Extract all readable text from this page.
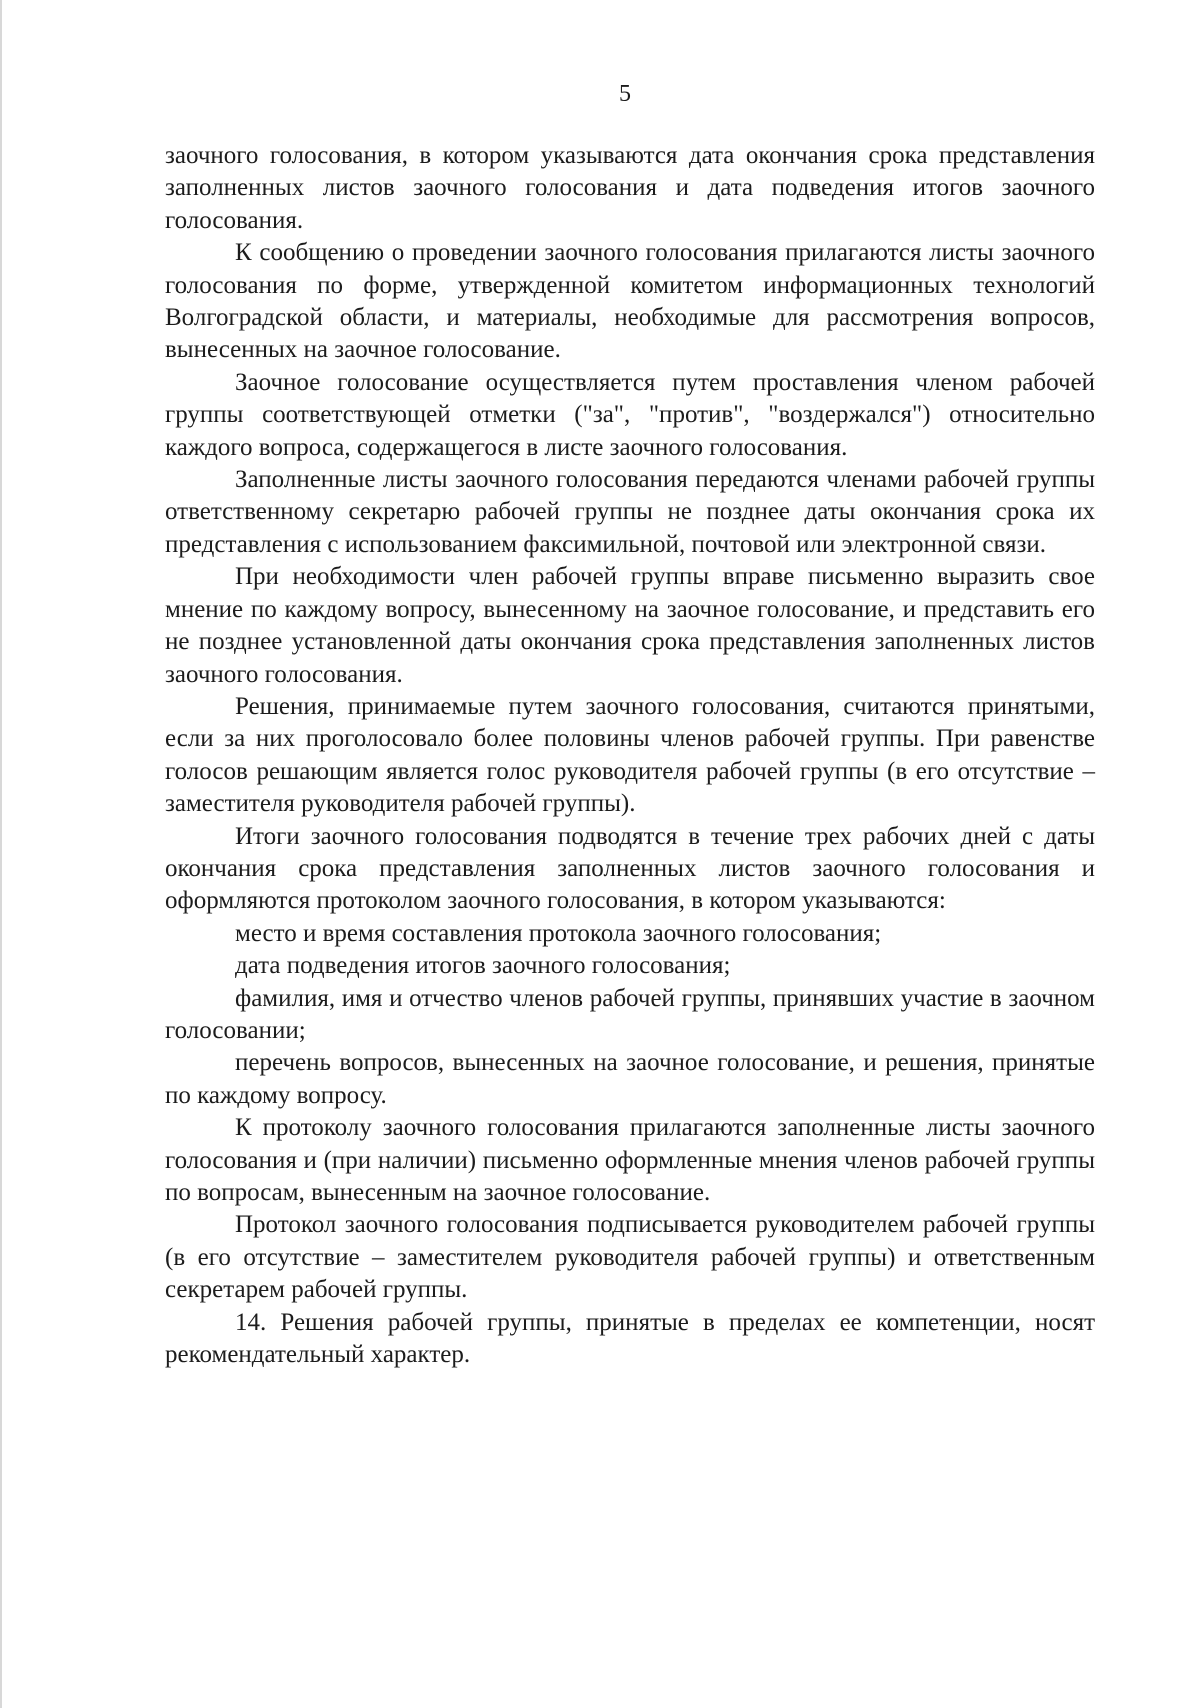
5

заочного голосования, в котором указываются дата окончания срока представления заполненных листов заочного голосования и дата подведения итогов заочного голосования.

К сообщению о проведении заочного голосования прилагаются листы заочного голосования по форме, утвержденной комитетом информационных технологий Волгоградской области, и материалы, необходимые для рассмотрения вопросов, вынесенных на заочное голосование.

Заочное голосование осуществляется путем проставления членом рабочей группы соответствующей отметки ("за", "против", "воздержался") относительно каждого вопроса, содержащегося в листе заочного голосования.

Заполненные листы заочного голосования передаются членами рабочей группы ответственному секретарю рабочей группы не позднее даты окончания срока их представления с использованием факсимильной, почтовой или электронной связи.

При необходимости член рабочей группы вправе письменно выразить свое мнение по каждому вопросу, вынесенному на заочное голосование, и представить его не позднее установленной даты окончания срока представления заполненных листов заочного голосования.

Решения, принимаемые путем заочного голосования, считаются принятыми, если за них проголосовало более половины членов рабочей группы. При равенстве голосов решающим является голос руководителя рабочей группы (в его отсутствие – заместителя руководителя рабочей группы).

Итоги заочного голосования подводятся в течение трех рабочих дней с даты окончания срока представления заполненных листов заочного голосования и оформляются протоколом заочного голосования, в котором указываются:

место и время составления протокола заочного голосования;

дата подведения итогов заочного голосования;

фамилия, имя и отчество членов рабочей группы, принявших участие в заочном голосовании;

перечень вопросов, вынесенных на заочное голосование, и решения, принятые по каждому вопросу.

К протоколу заочного голосования прилагаются заполненные листы заочного голосования и (при наличии) письменно оформленные мнения членов рабочей группы по вопросам, вынесенным на заочное голосование.

Протокол заочного голосования подписывается руководителем рабочей группы (в его отсутствие – заместителем руководителя рабочей группы) и ответственным секретарем рабочей группы.

14. Решения рабочей группы, принятые в пределах ее компетенции, носят рекомендательный характер.
